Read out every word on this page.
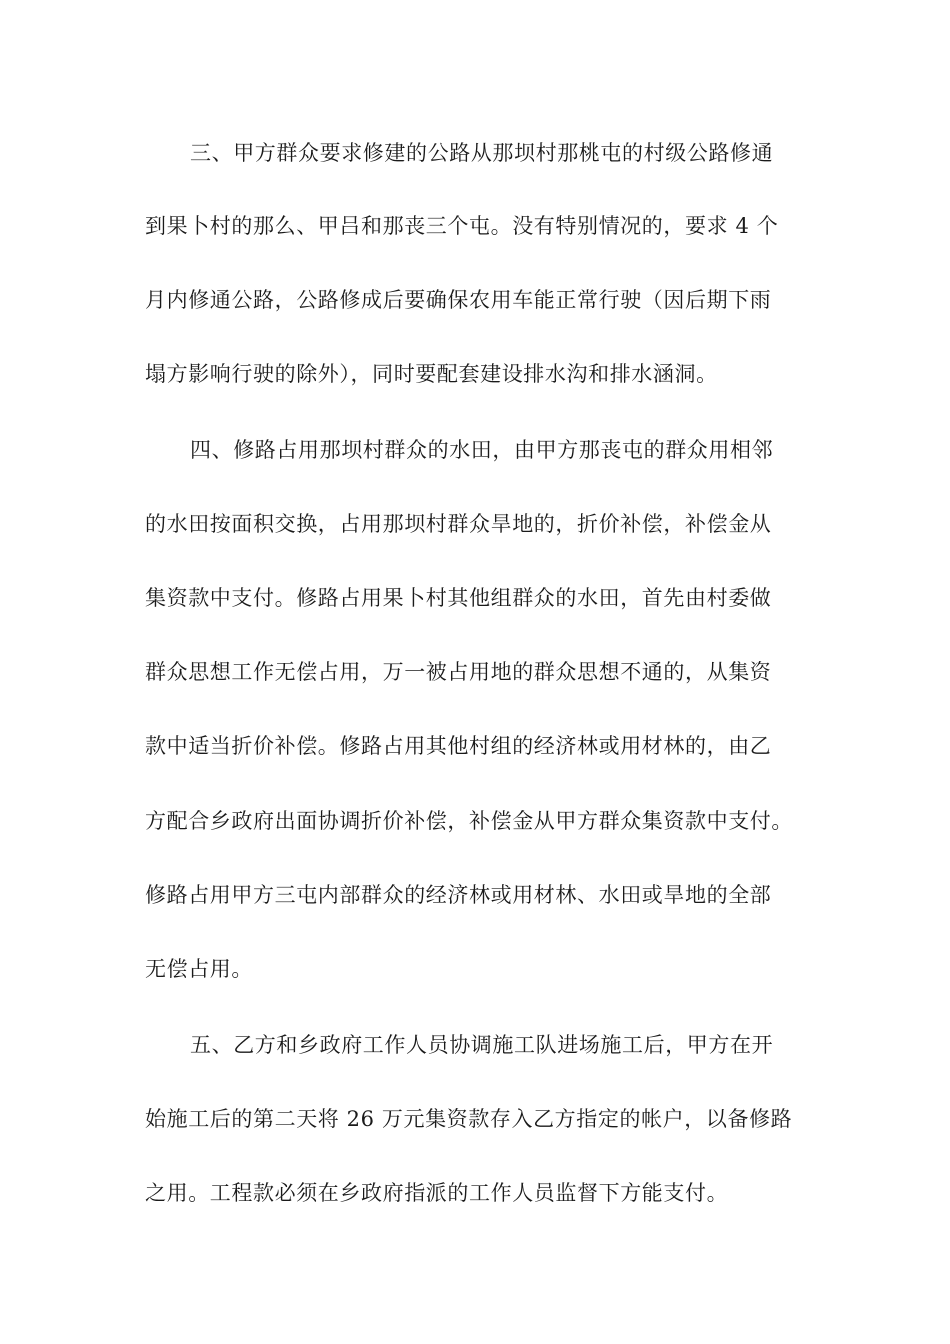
三、甲方群众要求修建的公路从那坝村那桃屯的村级公路修通
到果卜村的那么、甲吕和那丧三个屯。没有特别情况的，要求 4 个
月内修通公路，公路修成后要确保农用车能正常行驶（因后期下雨
塌方影响行驶的除外），同时要配套建设排水沟和排水涵洞。
四、修路占用那坝村群众的水田，由甲方那丧屯的群众用相邻
的水田按面积交换，占用那坝村群众旱地的，折价补偿，补偿金从
集资款中支付。修路占用果卜村其他组群众的水田，首先由村委做
群众思想工作无偿占用，万一被占用地的群众思想不通的，从集资
款中适当折价补偿。修路占用其他村组的经济林或用材林的，由乙
方配合乡政府出面协调折价补偿，补偿金从甲方群众集资款中支付。
修路占用甲方三屯内部群众的经济林或用材林、水田或旱地的全部
无偿占用。
五、乙方和乡政府工作人员协调施工队进场施工后，甲方在开
始施工后的第二天将 26 万元集资款存入乙方指定的帐户，以备修路
之用。工程款必须在乡政府指派的工作人员监督下方能支付。
